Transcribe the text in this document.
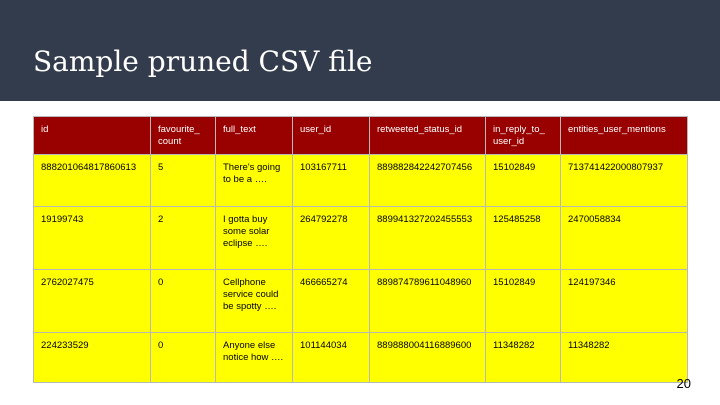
Sample pruned CSV file
id	favourite_ count	full_text	user_id	retweeted_status_id	in_reply_to_ user_id	entities_user_mentions
888201064817860613	5	There's going to be a ….	103167711	889882842242707456	15102849	713741422000807937
19199743	2	I gotta buy some solar eclipse ….	264792278	889941327202455553	125485258	2470058834
2762027475	0	Cellphone service could be spotty ….	466665274	889874789611048960	15102849	124197346
224233529	0	Anyone else notice how ….	101144034	889888004116889600	11348282	11348282
20
